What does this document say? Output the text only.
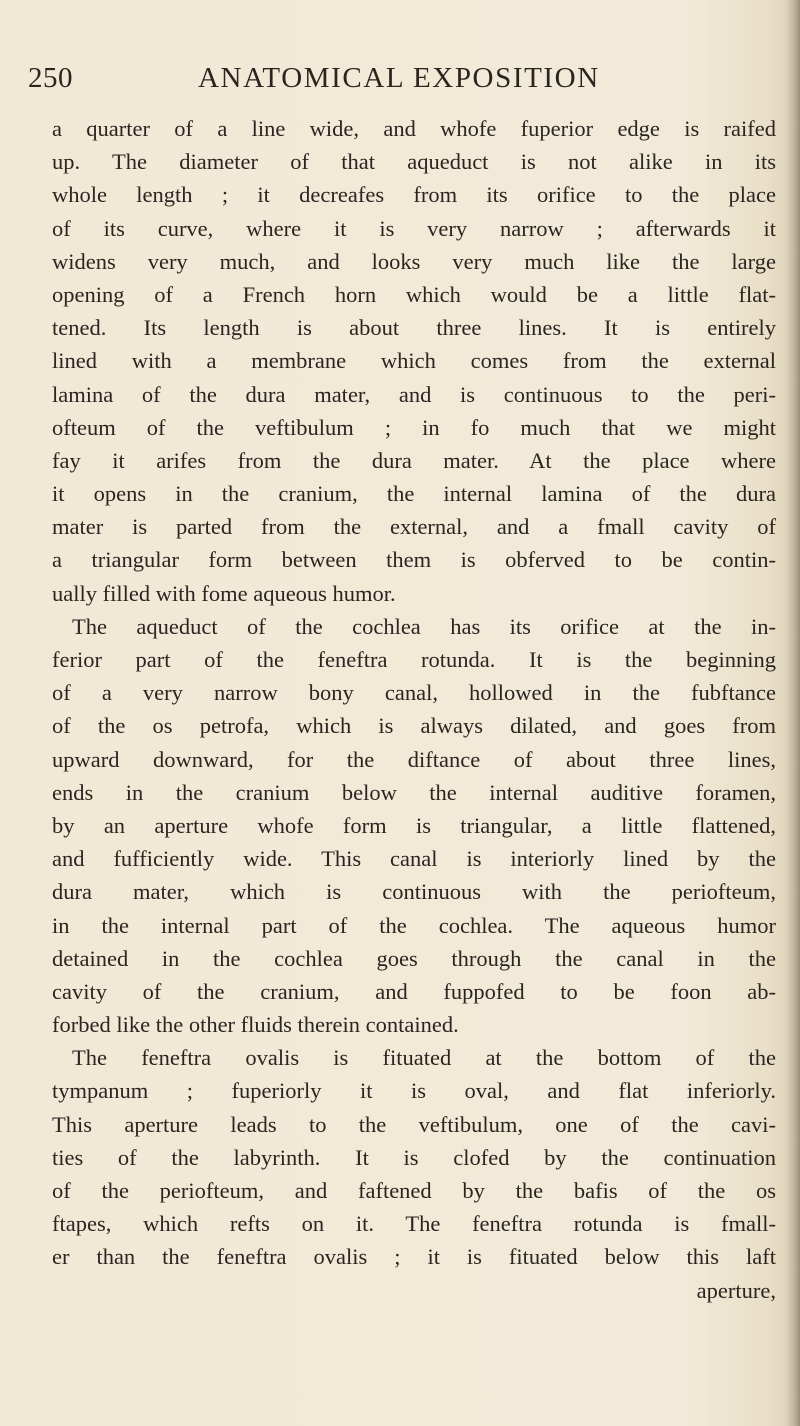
250	ANATOMICAL EXPOSITION
a quarter of a line wide, and whofe fuperior edge is raifed
up. The diameter of that aqueduct is not alike in its
whole length ; it decreafes from its orifice to the place
of its curve, where it is very narrow ; afterwards it
widens very much, and looks very much like the large
opening of a French horn which would be a little flat-
tened. Its length is about three lines. It is entirely
lined with a membrane which comes from the external
lamina of the dura mater, and is continuous to the peri-
ofteum of the veftibulum ; in fo much that we might
fay it arifes from the dura mater. At the place where
it opens in the cranium, the internal lamina of the dura
mater is parted from the external, and a fmall cavity of
a triangular form between them is obferved to be contin-
ually filled with fome aqueous humor.
The aqueduct of the cochlea has its orifice at the in-
ferior part of the feneftra rotunda. It is the beginning
of a very narrow bony canal, hollowed in the fubftance
of the os petrofa, which is always dilated, and goes from
upward downward, for the diftance of about three lines,
ends in the cranium below the internal auditive foramen,
by an aperture whofe form is triangular, a little flattened,
and fufficiently wide. This canal is interiorly lined by the
dura mater, which is continuous with the periofteum,
in the internal part of the cochlea. The aqueous humor
detained in the cochlea goes through the canal in the
cavity of the cranium, and fuppofed to be foon ab-
forbed like the other fluids therein contained.
The feneftra ovalis is fituated at the bottom of the
tympanum ; fuperiorly it is oval, and flat inferiorly.
This aperture leads to the veftibulum, one of the cavi-
ties of the labyrinth. It is clofed by the continuation
of the periofteum, and faftened by the bafis of the os
ftapes, which refts on it. The feneftra rotunda is fmall-
er than the feneftra ovalis ; it is fituated below this laft
aperture,
